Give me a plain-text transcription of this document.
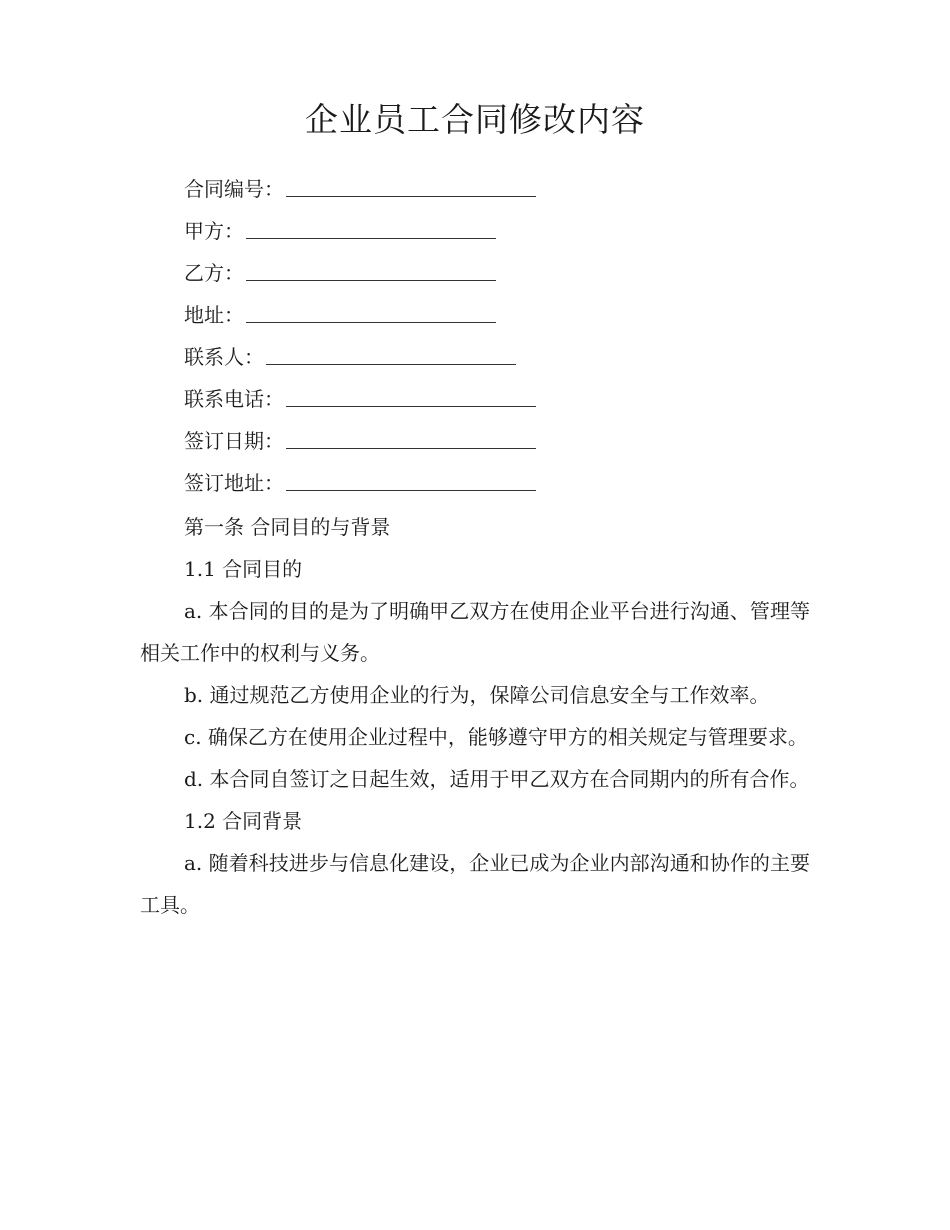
企业员工合同修改内容
合同编号：
甲方：
乙方：
地址：
联系人：
联系电话：
签订日期：
签订地址：

第一条 合同目的与背景

1.1 合同目的

a. 本合同的目的是为了明确甲乙双方在使用企业平台进行沟通、管理等相关工作中的权利与义务。

b. 通过规范乙方使用企业的行为，保障公司信息安全与工作效率。

c. 确保乙方在使用企业过程中，能够遵守甲方的相关规定与管理要求。

d. 本合同自签订之日起生效，适用于甲乙双方在合同期内的所有合作。

1.2 合同背景

a. 随着科技进步与信息化建设，企业已成为企业内部沟通和协作的主要工具。
